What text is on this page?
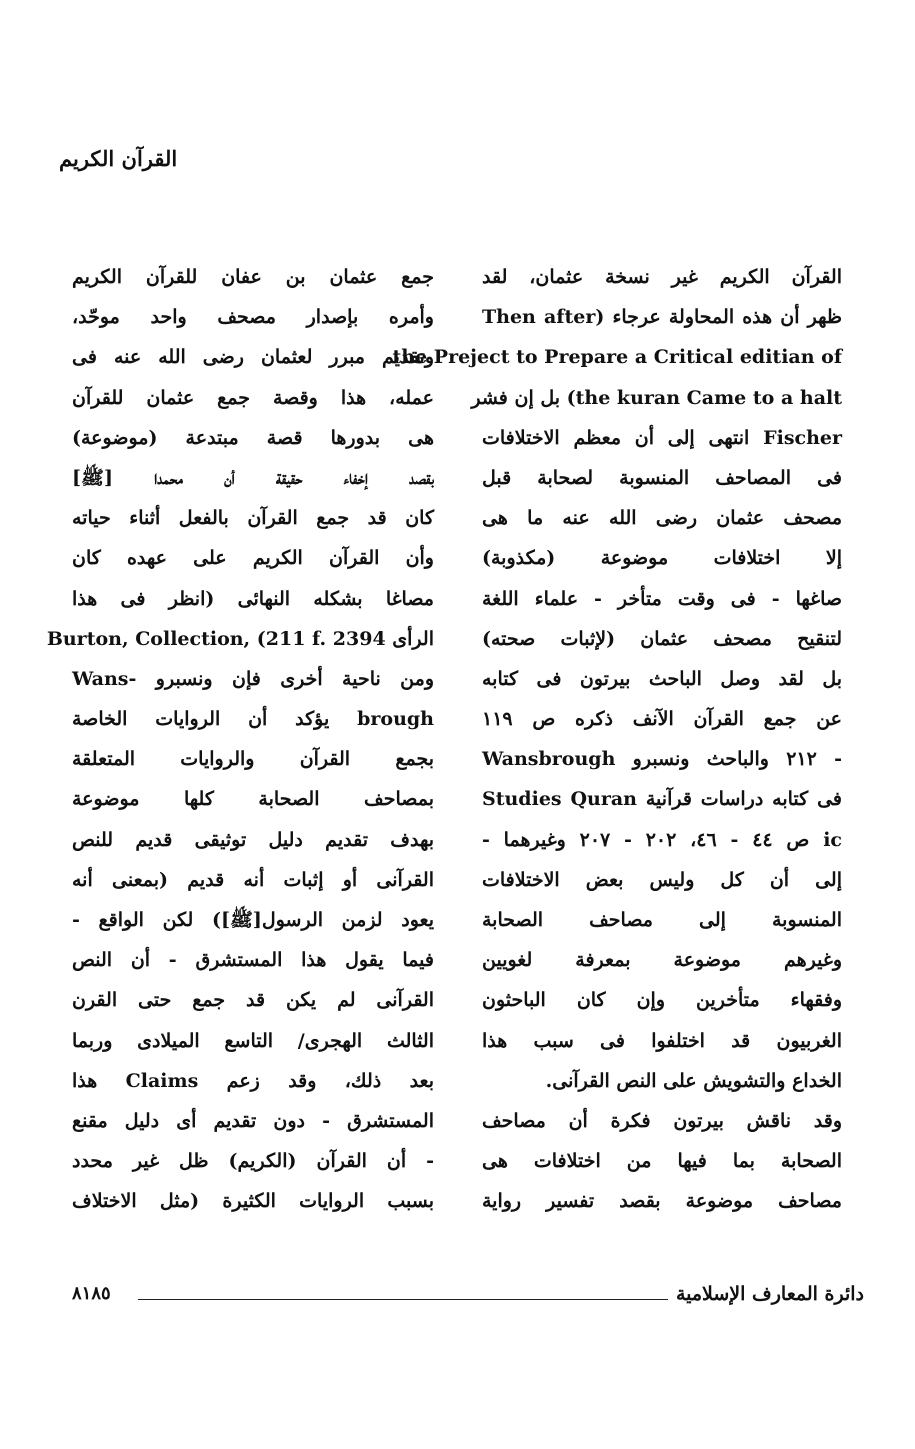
القرآن الكريم
القرآن الكريم غير نسخة عثمان، لقد
ظهر أن هذه المحاولة عرجاء (Then after
the Preject to Prepare a Critical editian of
the kuran Came to a halt) بل إن فشر
Fischer انتهى إلى أن معظم الاختلافات
فى المصاحف المنسوبة لصحابة قبل
مصحف عثمان رضى الله عنه ما هى
إلا اختلافات موضوعة (مكذوبة)
صاغها - فى وقت متأخر - علماء اللغة
لتنقيح مصحف عثمان (لإثبات صحته)
بل لقد وصل الباحث بيرتون فى كتابه
عن جمع القرآن الآنف ذكره ص ١١٩
- ٢١٢ والباحث ونسبرو Wansbrough
فى كتابه دراسات قرآنية Studies Quran
ic ص ٤٤ - ٤٦، ٢٠٢ - ٢٠٧ وغيرهما -
إلى أن كل وليس بعض الاختلافات
المنسوبة إلى مصاحف الصحابة
وغيرهم موضوعة بمعرفة لغويين
وفقهاء متأخرين وإن كان الباحثون
الغربيون قد اختلفوا فى سبب هذا
الخداع والتشويش على النص القرآنى.
وقد ناقش بيرتون فكرة أن مصاحف
الصحابة بما فيها من اختلافات هى
مصاحف موضوعة بقصد تفسير رواية
جمع عثمان بن عفان للقرآن الكريم
وأمره بإصدار مصحف واحد موحّد،
وتقديم مبرر لعثمان رضى الله عنه فى
عمله، هذا وقصة جمع عثمان للقرآن
هى بدورها قصة مبتدعة (موضوعة)
بقصد إخفاء حقيقة أن محمدا [ﷺ]
كان قد جمع القرآن بالفعل أثناء حياته
وأن القرآن الكريم على عهده كان
مصاغا بشكله النهائى (انظر فى هذا
الرأى Burton, Collection, (211 f. 2394
ومن ناحية أخرى فإن ونسبرو -Wans
brough يؤكد أن الروايات الخاصة
بجمع القرآن والروايات المتعلقة
بمصاحف الصحابة كلها موضوعة
بهدف تقديم دليل توثيقى قديم للنص
القرآنى أو إثبات أنه قديم (بمعنى أنه
يعود لزمن الرسول[ﷺ]) لكن الواقع -
فيما يقول هذا المستشرق - أن النص
القرآنى لم يكن قد جمع حتى القرن
الثالث الهجرى/ التاسع الميلادى وربما
بعد ذلك، وقد زعم Claims هذا
المستشرق - دون تقديم أى دليل مقنع
- أن القرآن (الكريم) ظل غير محدد
بسبب الروايات الكثيرة (مثل الاختلاف
دائرة المعارف الإسلامية
٨١٨٥
